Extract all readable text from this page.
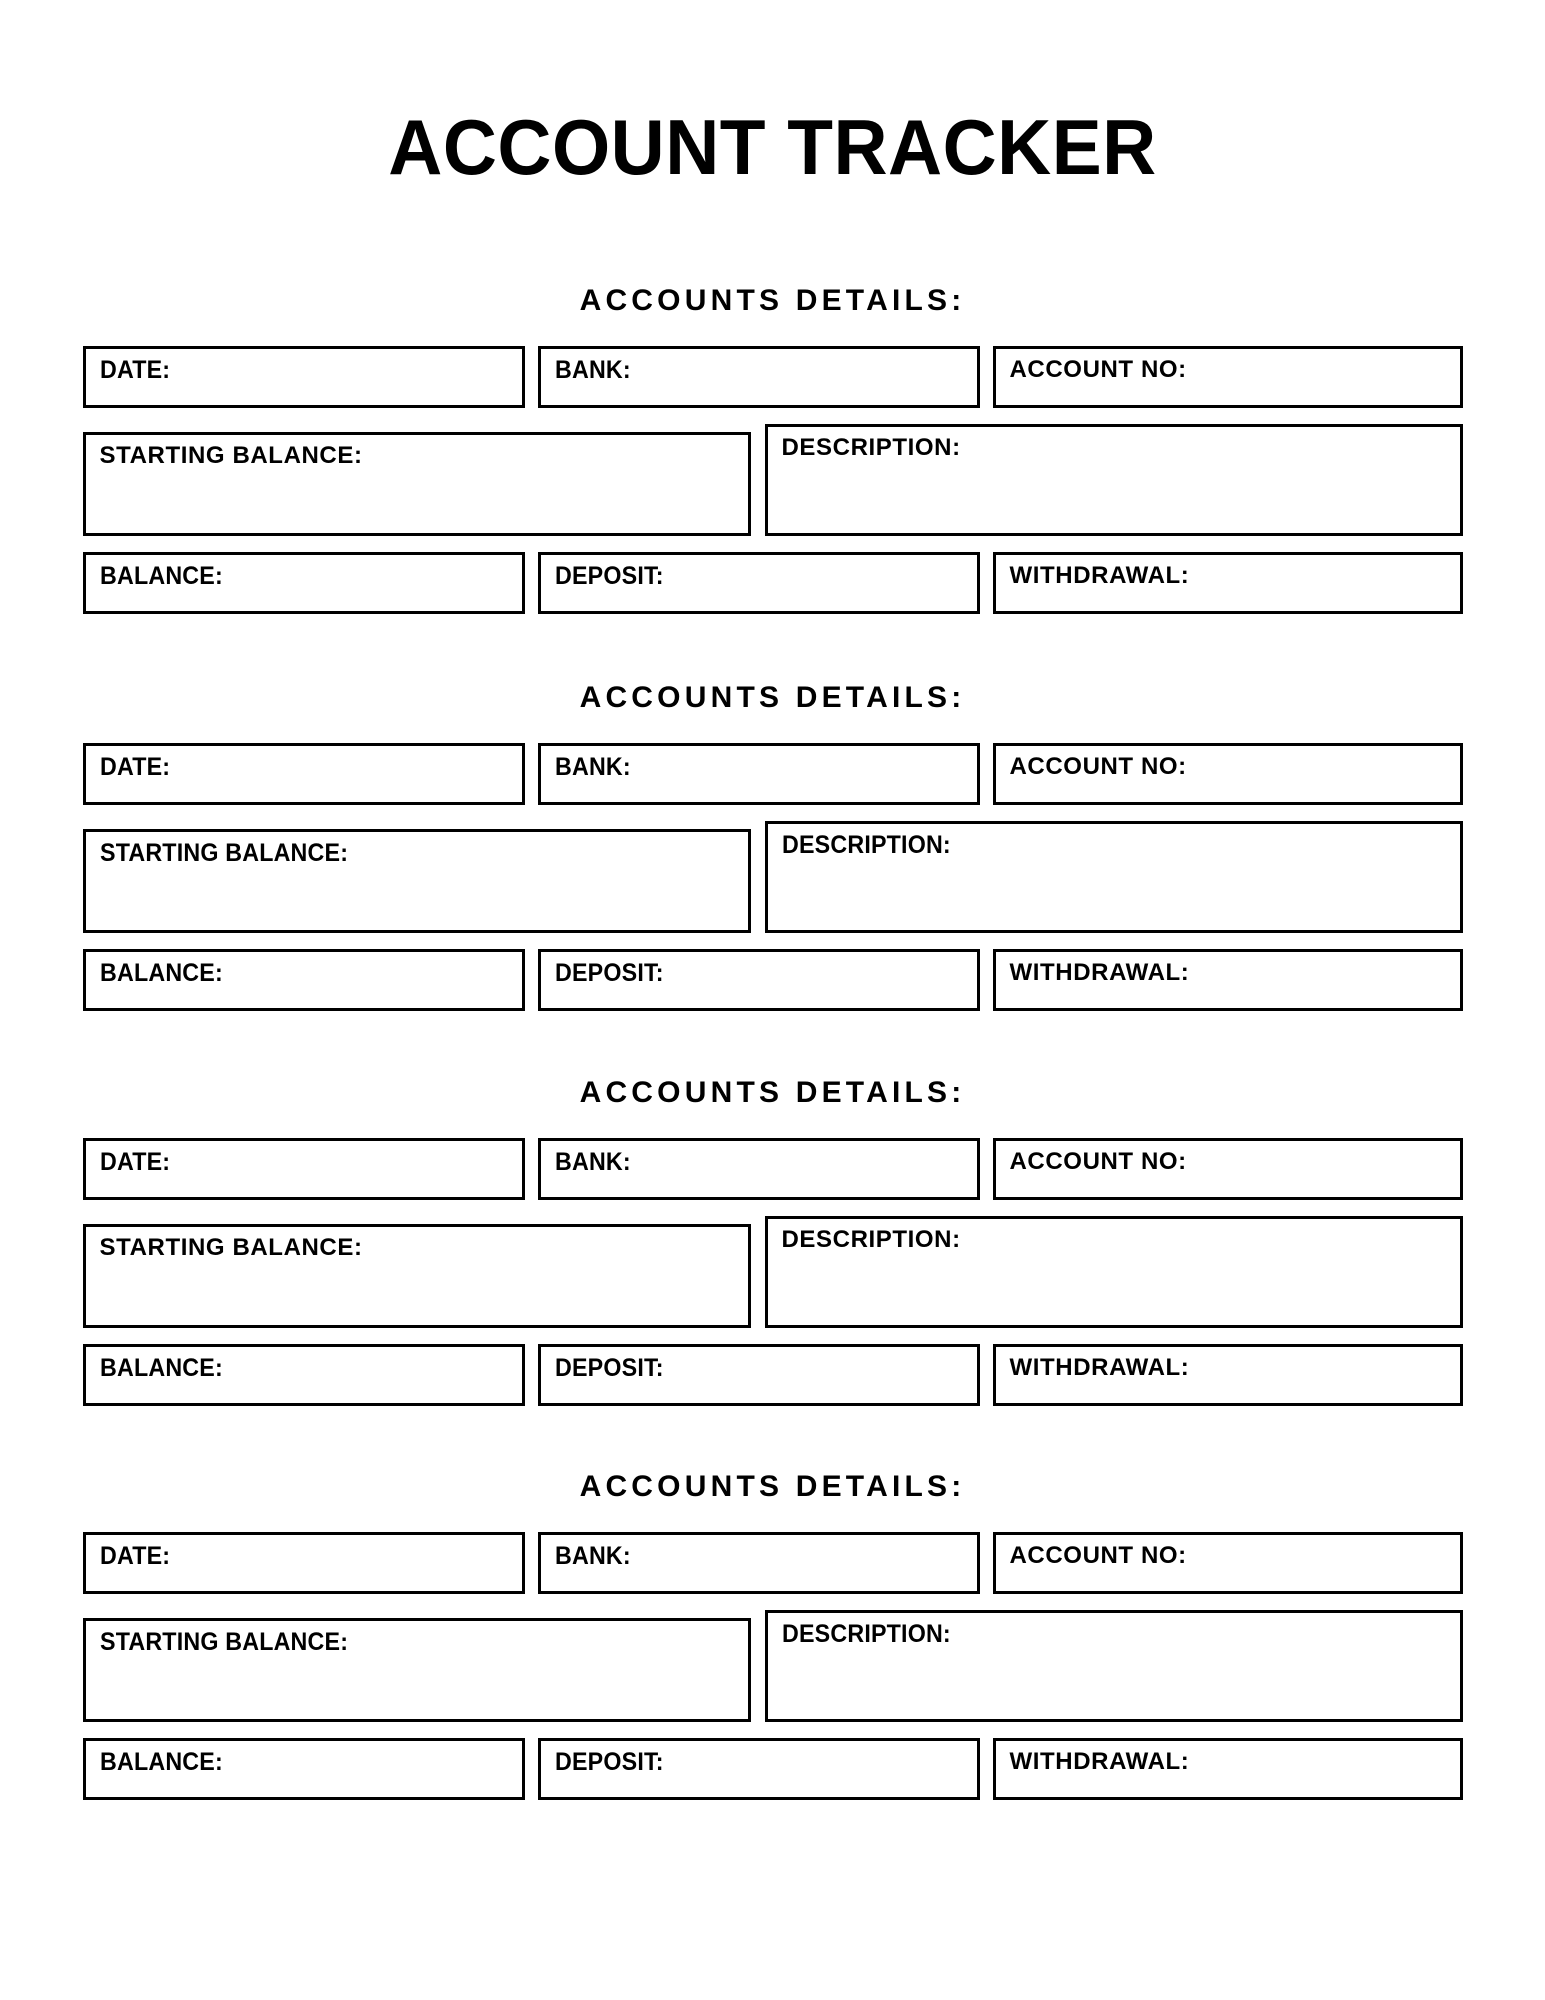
ACCOUNT TRACKER
ACCOUNTS DETAILS:
DATE:	BANK:	ACCOUNT NO:
STARTING BALANCE:	DESCRIPTION:
BALANCE:	DEPOSIT:	WITHDRAWAL:
ACCOUNTS DETAILS:
DATE:	BANK:	ACCOUNT NO:
STARTING BALANCE:	DESCRIPTION:
BALANCE:	DEPOSIT:	WITHDRAWAL:
ACCOUNTS DETAILS:
DATE:	BANK:	ACCOUNT NO:
STARTING BALANCE:	DESCRIPTION:
BALANCE:	DEPOSIT:	WITHDRAWAL:
ACCOUNTS DETAILS:
DATE:	BANK:	ACCOUNT NO:
STARTING BALANCE:	DESCRIPTION:
BALANCE:	DEPOSIT:	WITHDRAWAL:
